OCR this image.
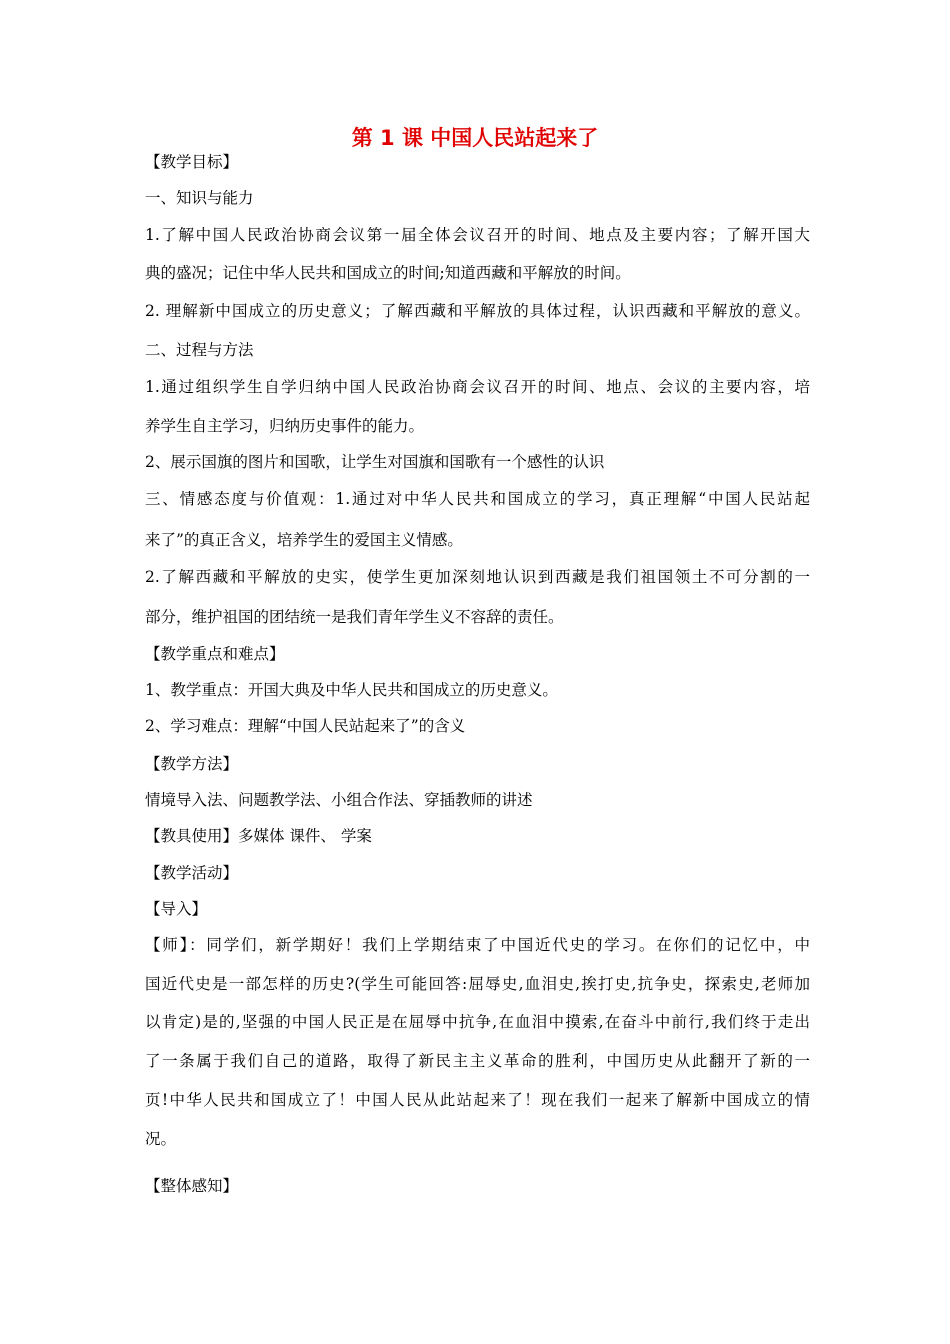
第 1 课 中国人民站起来了
【教学目标】
一、知识与能力
1.了解中国人民政治协商会议第一届全体会议召开的时间、地点及主要内容；了解开国大
典的盛况；记住中华人民共和国成立的时间;知道西藏和平解放的时间。
2. 理解新中国成立的历史意义；了解西藏和平解放的具体过程，认识西藏和平解放的意义。
二、过程与方法
1.通过组织学生自学归纳中国人民政治协商会议召开的时间、地点、会议的主要内容，培
养学生自主学习，归纳历史事件的能力。
2、展示国旗的图片和国歌，让学生对国旗和国歌有一个感性的认识
三、情感态度与价值观：1.通过对中华人民共和国成立的学习，真正理解“中国人民站起
来了”的真正含义，培养学生的爱国主义情感。
2.了解西藏和平解放的史实，使学生更加深刻地认识到西藏是我们祖国领土不可分割的一
部分，维护祖国的团结统一是我们青年学生义不容辞的责任。
【教学重点和难点】
1、教学重点：开国大典及中华人民共和国成立的历史意义。
2、学习难点：理解“中国人民站起来了”的含义
【教学方法】
情境导入法、问题教学法、小组合作法、穿插教师的讲述
【教具使用】多媒体 课件、 学案
【教学活动】
【导入】
【师】：同学们，新学期好！我们上学期结束了中国近代史的学习。在你们的记忆中，中
国近代史是一部怎样的历史?(学生可能回答:屈辱史,血泪史,挨打史,抗争史，探索史,老师加
以肯定)是的,坚强的中国人民正是在屈辱中抗争,在血泪中摸索,在奋斗中前行,我们终于走出
了一条属于我们自己的道路，取得了新民主主义革命的胜利，中国历史从此翻开了新的一
页!中华人民共和国成立了！中国人民从此站起来了！现在我们一起来了解新中国成立的情
况。
【整体感知】
